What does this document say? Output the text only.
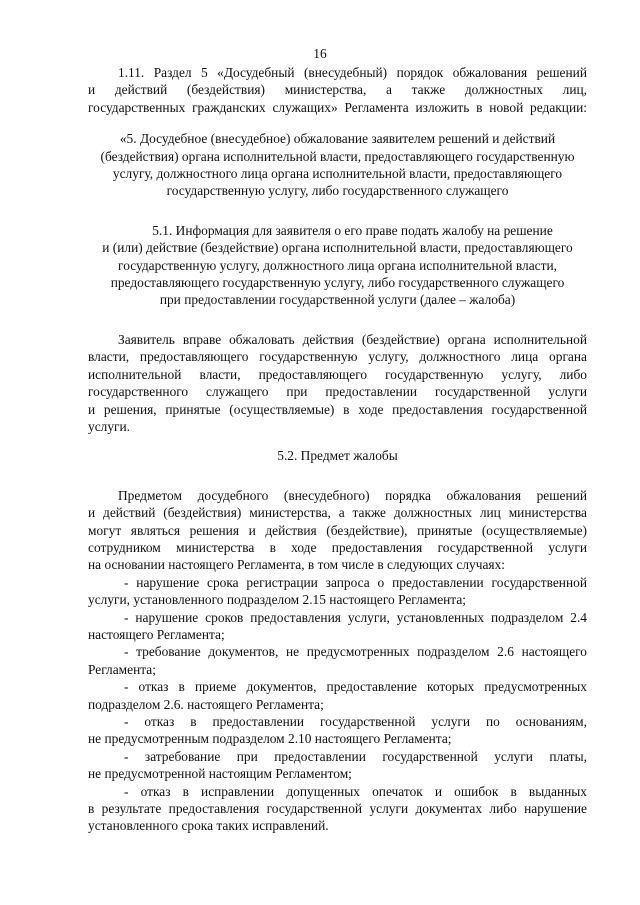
16

1.11. Раздел 5 «Досудебный (внесудебный) порядок обжалования решений

и действий (бездействия) министерства, а также должностных лиц,

государственных гражданских служащих» Регламента изложить в новой редакции:

«5. Досудебное (внесудебное) обжалование заявителем решений и действий

(бездействия) органа исполнительной власти, предоставляющего государственную

услугу, должностного лица органа исполнительной власти, предоставляющего

государственную услугу, либо государственного служащего

5.1. Информация для заявителя о его праве подать жалобу на решение

и (или) действие (бездействие) органа исполнительной власти, предоставляющего

государственную услугу, должностного лица органа исполнительной власти,

предоставляющего государственную услугу, либо государственного служащего

при предоставлении государственной услуги (далее – жалоба)

Заявитель вправе обжаловать действия (бездействие) органа исполнительной

власти, предоставляющего государственную услугу, должностного лица органа

исполнительной власти, предоставляющего государственную услугу, либо

государственного служащего при предоставлении государственной услуги

и решения, принятые (осуществляемые) в ходе предоставления государственной

услуги.

5.2. Предмет жалобы

Предметом досудебного (внесудебного) порядка обжалования решений

и действий (бездействия) министерства, а также должностных лиц министерства

могут являться решения и действия (бездействие), принятые (осуществляемые)

сотрудником министерства в ходе предоставления государственной услуги

на основании настоящего Регламента, в том числе в следующих случаях:

- нарушение срока регистрации запроса о предоставлении государственной

услуги, установленного подразделом 2.15 настоящего Регламента;

- нарушение сроков предоставления услуги, установленных подразделом 2.4

настоящего Регламента;

- требование документов, не предусмотренных подразделом 2.6 настоящего

Регламента;

- отказ в приеме документов, предоставление которых предусмотренных

подразделом 2.6. настоящего Регламента;

- отказ в предоставлении государственной услуги по основаниям,

не предусмотренным подразделом 2.10 настоящего Регламента;

- затребование при предоставлении государственной услуги платы,

не предусмотренной настоящим Регламентом;

- отказ в исправлении допущенных опечаток и ошибок в выданных

в результате предоставления государственной услуги документах либо нарушение

установленного срока таких исправлений.
